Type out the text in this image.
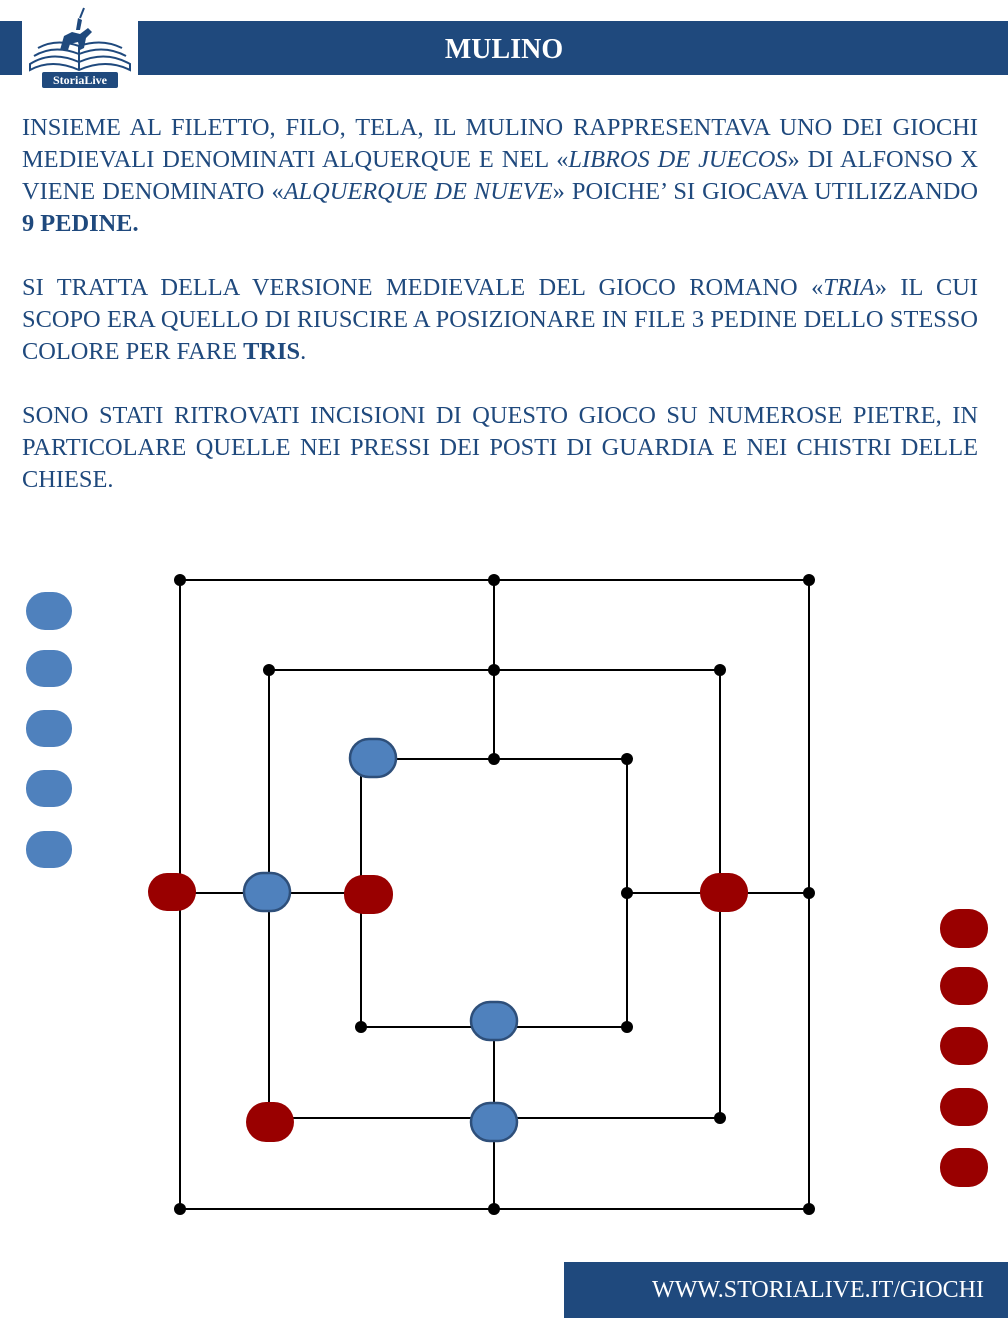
StoriaLive
MULINO

INSIEME AL FILETTO, FILO, TELA, IL MULINO RAPPRESENTAVA UNO DEI GIOCHI MEDIEVALI DENOMINATI ALQUERQUE E NEL «LIBROS DE JUECOS» DI ALFONSO X VIENE DENOMINATO «ALQUERQUE DE NUEVE» POICHE’ SI GIOCAVA UTILIZZANDO 9 PEDINE.

SI TRATTA DELLA VERSIONE MEDIEVALE DEL GIOCO ROMANO «TRIA» IL CUI SCOPO ERA QUELLO DI RIUSCIRE A POSIZIONARE IN FILE 3 PEDINE DELLO STESSO COLORE PER FARE TRIS.

SONO STATI RITROVATI INCISIONI DI QUESTO GIOCO SU NUMEROSE PIETRE, IN PARTICOLARE QUELLE NEI PRESSI DEI POSTI DI GUARDIA E NEI CHISTRI DELLE CHIESE.

WWW.STORIALIVE.IT/GIOCHI
